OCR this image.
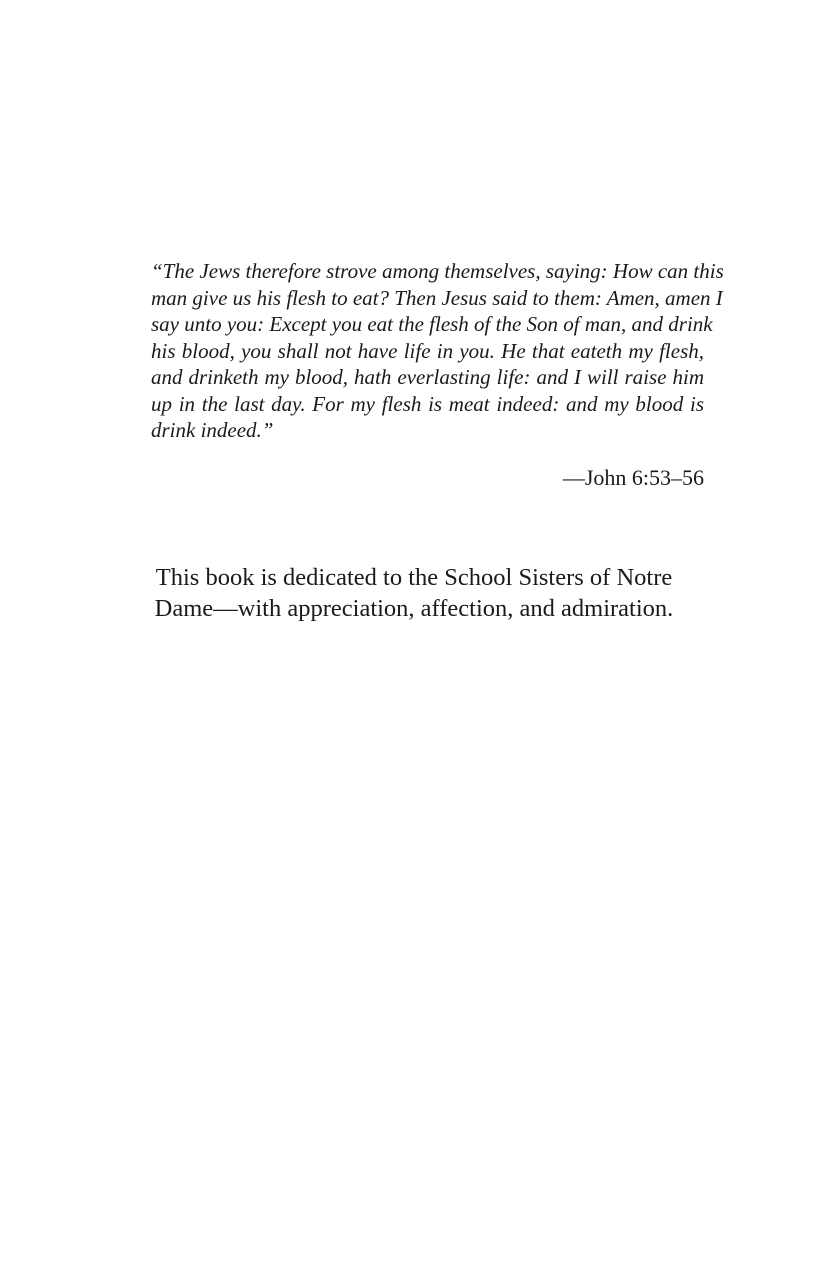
“The Jews therefore strove among themselves, saying: How can this
man give us his flesh to eat? Then Jesus said to them: Amen, amen I
say unto you: Except you eat the flesh of the Son of man, and drink
his blood, you shall not have life in you. He that eateth my flesh,
and drinketh my blood, hath everlasting life: and I will raise him
up in the last day. For my flesh is meat indeed: and my blood is
drink indeed.”

—John 6:53–56

This book is dedicated to the School Sisters of Notre
Dame—with appreciation, affection, and admiration.
